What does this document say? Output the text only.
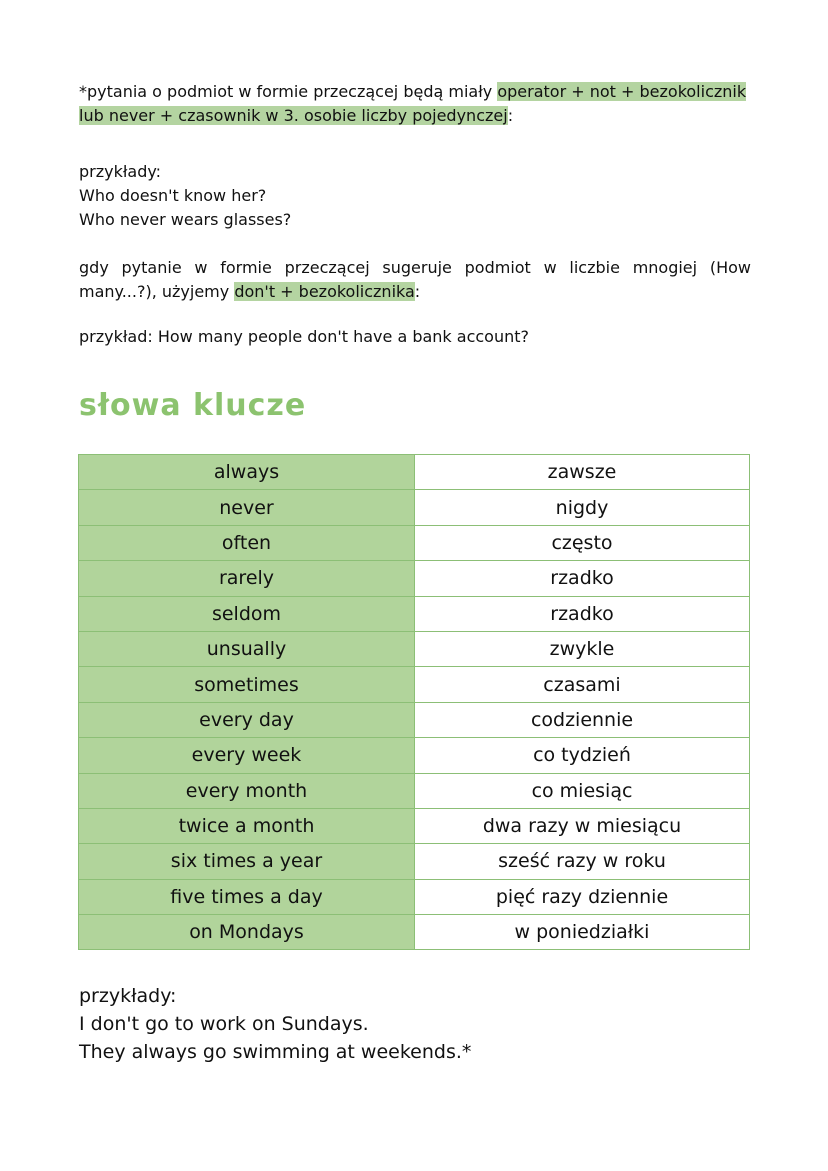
*pytania o podmiot w formie przeczącej będą miały operator + not + bezokolicznik lub never + czasownik w 3. osobie liczby pojedynczej:
przykłady:
Who doesn't know her?
Who never wears glasses?
gdy pytanie w formie przeczącej sugeruje podmiot w liczbie mnogiej (How many...?), użyjemy don't + bezokolicznika:
przykład: How many people don't have a bank account?
słowa klucze
always	zawsze
never	nigdy
often	często
rarely	rzadko
seldom	rzadko
unsually	zwykle
sometimes	czasami
every day	codziennie
every week	co tydzień
every month	co miesiąc
twice a month	dwa razy w miesiącu
six times a year	sześć razy w roku
five times a day	pięć razy dziennie
on Mondays	w poniedziałki
przykłady:
I don't go to work on Sundays.
They always go swimming at weekends.*
